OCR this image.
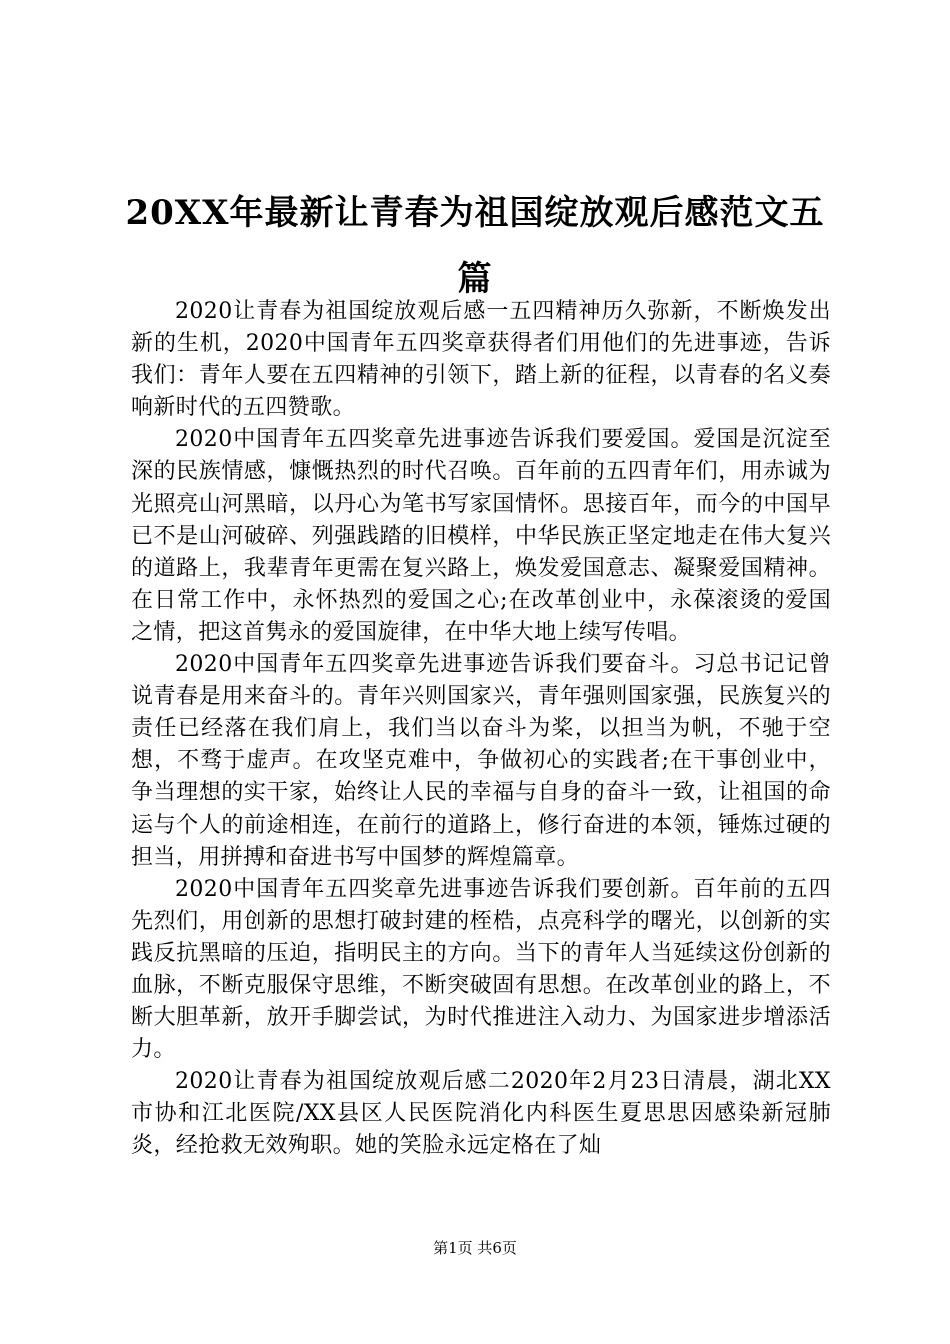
20XX年最新让青春为祖国绽放观后感范文五
篇

2020让青春为祖国绽放观后感一五四精神历久弥新，不断焕发出新的生机，2020中国青年五四奖章获得者们用他们的先进事迹，告诉我们：青年人要在五四精神的引领下，踏上新的征程，以青春的名义奏响新时代的五四赞歌。

2020中国青年五四奖章先进事迹告诉我们要爱国。爱国是沉淀至深的民族情感，慷慨热烈的时代召唤。百年前的五四青年们，用赤诚为光照亮山河黑暗，以丹心为笔书写家国情怀。思接百年，而今的中国早已不是山河破碎、列强践踏的旧模样，中华民族正坚定地走在伟大复兴的道路上，我辈青年更需在复兴路上，焕发爱国意志、凝聚爱国精神。在日常工作中，永怀热烈的爱国之心;在改革创业中，永葆滚烫的爱国之情，把这首隽永的爱国旋律，在中华大地上续写传唱。

2020中国青年五四奖章先进事迹告诉我们要奋斗。习总书记记曾说青春是用来奋斗的。青年兴则国家兴，青年强则国家强，民族复兴的责任已经落在我们肩上，我们当以奋斗为桨，以担当为帆，不驰于空想，不骛于虚声。在攻坚克难中，争做初心的实践者;在干事创业中，争当理想的实干家，始终让人民的幸福与自身的奋斗一致，让祖国的命运与个人的前途相连，在前行的道路上，修行奋进的本领，锤炼过硬的担当，用拼搏和奋进书写中国梦的辉煌篇章。

2020中国青年五四奖章先进事迹告诉我们要创新。百年前的五四先烈们，用创新的思想打破封建的桎梏，点亮科学的曙光，以创新的实践反抗黑暗的压迫，指明民主的方向。当下的青年人当延续这份创新的血脉，不断克服保守思维，不断突破固有思想。在改革创业的路上，不断大胆革新，放开手脚尝试，为时代推进注入动力、为国家进步增添活力。

2020让青春为祖国绽放观后感二2020年2月23日清晨，湖北XX市协和江北医院/XX县区人民医院消化内科医生夏思思因感染新冠肺炎，经抢救无效殉职。她的笑脸永远定格在了灿

第1页 共6页
